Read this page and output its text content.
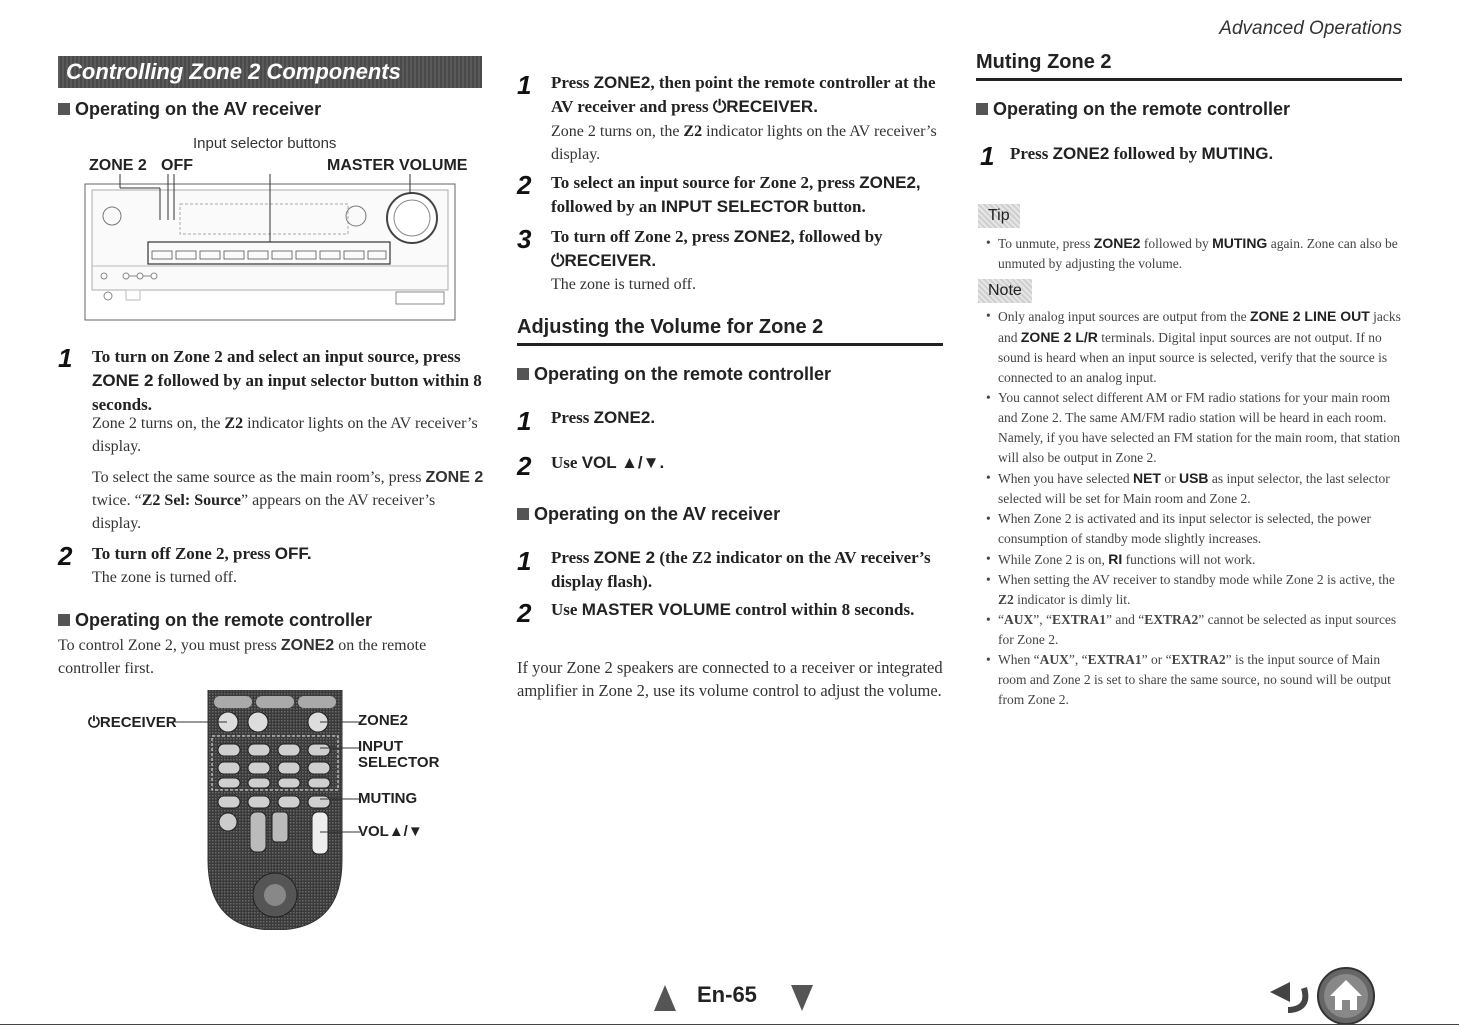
Advanced Operations
Controlling Zone 2 Components
Operating on the AV receiver
Input selector buttons
ZONE 2 OFF	MASTER VOLUME
1 To turn on Zone 2 and select an input source, press ZONE 2 followed by an input selector button within 8 seconds.
Zone 2 turns on, the Z2 indicator lights on the AV receiver’s display.
To select the same source as the main room’s, press ZONE 2 twice. “Z2 Sel: Source” appears on the AV receiver’s display.
2 To turn off Zone 2, press OFF.
The zone is turned off.
Operating on the remote controller
To control Zone 2, you must press ZONE2 on the remote controller first.
⏻RECEIVER	ZONE2
INPUT
SELECTOR
MUTING
VOL▲/▼
1 Press ZONE2, then point the remote controller at the AV receiver and press ⏻RECEIVER.
Zone 2 turns on, the Z2 indicator lights on the AV receiver’s display.
2 To select an input source for Zone 2, press ZONE2, followed by an INPUT SELECTOR button.
3 To turn off Zone 2, press ZONE2, followed by ⏻RECEIVER.
The zone is turned off.
Adjusting the Volume for Zone 2
Operating on the remote controller
1 Press ZONE2.
2 Use VOL ▲/▼.
Operating on the AV receiver
1 Press ZONE 2 (the Z2 indicator on the AV receiver’s display flash).
2 Use MASTER VOLUME control within 8 seconds.
If your Zone 2 speakers are connected to a receiver or integrated amplifier in Zone 2, use its volume control to adjust the volume.
Muting Zone 2
Operating on the remote controller
1 Press ZONE2 followed by MUTING.
Tip
• To unmute, press ZONE2 followed by MUTING again. Zone can also be unmuted by adjusting the volume.
Note
• Only analog input sources are output from the ZONE 2 LINE OUT jacks and ZONE 2 L/R terminals. Digital input sources are not output. If no sound is heard when an input source is selected, verify that the source is connected to an analog input.
• You cannot select different AM or FM radio stations for your main room and Zone 2. The same AM/FM radio station will be heard in each room. Namely, if you have selected an FM station for the main room, that station will also be output in Zone 2.
• When you have selected NET or USB as input selector, the last selector selected will be set for Main room and Zone 2.
• When Zone 2 is activated and its input selector is selected, the power consumption of standby mode slightly increases.
• While Zone 2 is on, RI functions will not work.
• When setting the AV receiver to standby mode while Zone 2 is active, the Z2 indicator is dimly lit.
• “AUX”, “EXTRA1” and “EXTRA2” cannot be selected as input sources for Zone 2.
• When “AUX”, “EXTRA1” or “EXTRA2” is the input source of Main room and Zone 2 is set to share the same source, no sound will be output from Zone 2.
En-65
